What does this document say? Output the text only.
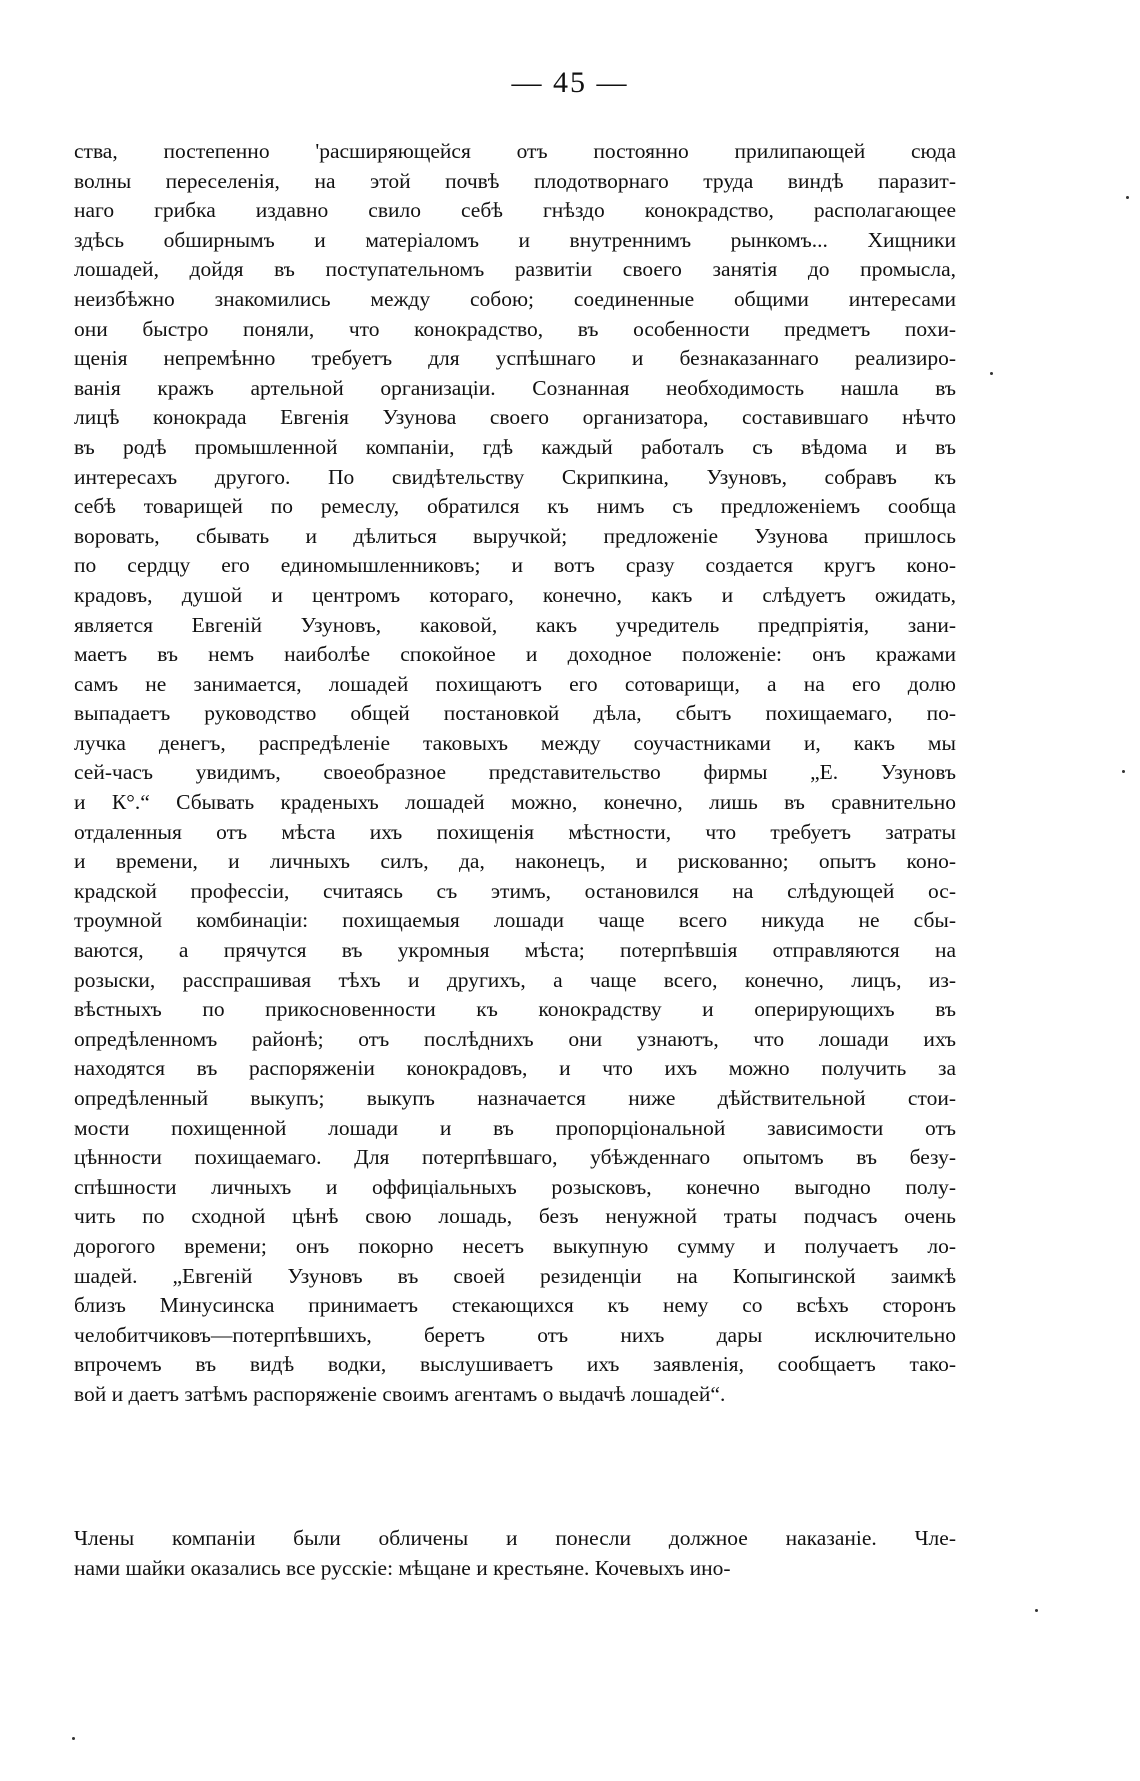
— 45 —
ства, постепенно 'расширяющейся отъ постоянно прилипающей сюда
волны переселенія, на этой почвѣ плодотворнаго труда виндѣ паразит-
наго грибка издавно свило себѣ гнѣздо конокрадство, располагающее
здѣсь обширнымъ и матеріаломъ и внутреннимъ рынкомъ... Хищники
лошадей, дойдя въ поступательномъ развитіи своего занятія до промысла,
неизбѣжно знакомились между собою; соединенные общими интересами
они быстро поняли, что конокрадство, въ особенности предметъ похи-
щенія непремѣнно требуетъ для успѣшнаго и безнаказаннаго реализиро-
ванія кражъ артельной организаціи. Сознанная необходимость нашла въ
лицѣ конокрада Евгенія Узунова своего организатора, составившаго нѣчто
въ родѣ промышленной компаніи, гдѣ каждый работалъ съ вѣдома и въ
интересахъ другого. По свидѣтельству Скрипкина, Узуновъ, собравъ къ
себѣ товарищей по ремеслу, обратился къ нимъ съ предложеніемъ сообща
воровать, сбывать и дѣлиться выручкой; предложеніе Узунова пришлось
по сердцу его единомышленниковъ; и вотъ сразу создается кругъ коно-
крадовъ, душой и центромъ котораго, конечно, какъ и слѣдуетъ ожидать,
является Евгеній Узуновъ, каковой, какъ учредитель предпріятія, зани-
маетъ въ немъ наиболѣе спокойное и доходное положеніе: онъ кражами
самъ не занимается, лошадей похищаютъ его сотоварищи, а на его долю
выпадаетъ руководство общей постановкой дѣла, сбытъ похищаемаго, по-
лучка денегъ, распредѣленіе таковыхъ между соучастниками и, какъ мы
сей-часъ увидимъ, своеобразное представительство фирмы „Е. Узуновъ
и К°.“ Сбывать краденыхъ лошадей можно, конечно, лишь въ сравнительно
отдаленныя отъ мѣста ихъ похищенія мѣстности, что требуетъ затраты
и времени, и личныхъ силъ, да, наконецъ, и рискованно; опытъ коно-
крадской профессіи, считаясь съ этимъ, остановился на слѣдующей ос-
троумной комбинаціи: похищаемыя лошади чаще всего никуда не сбы-
ваются, а прячутся въ укромныя мѣста; потерпѣвшія отправляются на
розыски, расспрашивая тѣхъ и другихъ, а чаще всего, конечно, лицъ, из-
вѣстныхъ по прикосновенности къ конокрадству и оперирующихъ въ
опредѣленномъ районѣ; отъ послѣднихъ они узнаютъ, что лошади ихъ
находятся въ распоряженіи конокрадовъ, и что ихъ можно получить за
опредѣленный выкупъ; выкупъ назначается ниже дѣйствительной стои-
мости похищенной лошади и въ пропорціональной зависимости отъ
цѣнности похищаемаго. Для потерпѣвшаго, убѣжденнаго опытомъ въ безу-
спѣшности личныхъ и оффиціальныхъ розысковъ, конечно выгодно полу-
чить по сходной цѣнѣ свою лошадь, безъ ненужной траты подчасъ очень
дорогого времени; онъ покорно несетъ выкупную сумму и получаетъ ло-
шадей. „Евгеній Узуновъ въ своей резиденціи на Копыгинской заимкѣ
близъ Минусинска принимаетъ стекающихся къ нему со всѣхъ сторонъ
челобитчиковъ—потерпѣвшихъ, беретъ отъ нихъ дары исключительно
впрочемъ въ видѣ водки, выслушиваетъ ихъ заявленія, сообщаетъ тако-
вой и даетъ затѣмъ распоряженіе своимъ агентамъ о выдачѣ лошадей“.
Члены компаніи были обличены и понесли должное наказаніе. Чле-
нами шайки оказались все русскіе: мѣщане и крестьяне. Кочевыхъ ино-
